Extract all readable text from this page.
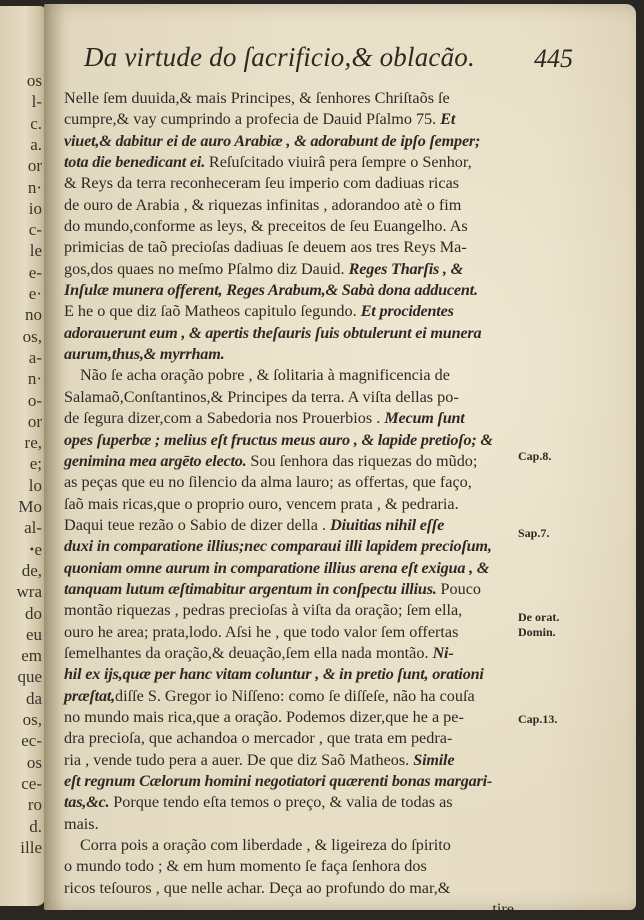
os
l-
c.
a.
or
n·
io
c-
le
e-
e·
no
os,
a-
n·
o-
or
re,
e;
lo
Mo
al-
ꞏe
de,
wra
do
eu
em
que
da
os,
ec-
os
ce-
ro
d.
ille
Da virtude do ſacrificio,& oblacão.	445
Nelle ſem duuida,& mais Principes, & ſenhores Chriſtaõs ſe
cumpre,& vay cumprindo a profecia de Dauid Pſalmo 75. Et
viuet,& dabitur ei de auro Arabiæ , & adorabunt de ipſo ſemper;
tota die benedicant ei. Reſuſcitado viuirâ pera ſempre o Senhor,
& Reys da terra reconheceram ſeu imperio com dadiuas ricas
de ouro de Arabia , & riquezas infinitas , adorandoo atè o fim
do mundo,conforme as leys, & preceitos de ſeu Euangelho. As
primicias de taõ precioſas dadiuas ſe deuem aos tres Reys Ma-
gos,dos quaes no meſmo Pſalmo diz Dauid. Reges Tharſis , &
Inſulæ munera offerent, Reges Arabum,& Sabà dona adducent.
E he o que diz ſaõ Matheos capitulo ſegundo. Et procidentes
adorauerunt eum , & apertis theſauris ſuis obtulerunt ei munera
aurum,thus,& myrrham.
Não ſe acha oração pobre , & ſolitaria à magnificencia de
Salamaõ,Conſtantinos,& Principes da terra. A viſta dellas po-
de ſegura dizer,com a Sabedoria nos Prouerbios . Mecum ſunt
opes ſuperbæ ; melius eſt fructus meus auro , & lapide pretioſo; &
genimina mea argēto electo. Sou ſenhora das riquezas do mũdo;
as peças que eu no ſilencio da alma lauro; as offertas, que faço,
ſaõ mais ricas,que o proprio ouro, vencem prata , & pedraria.
Daqui teue rezão o Sabio de dizer della . Diuitias nihil eſſe
duxi in comparatione illius;nec comparaui illi lapidem precioſum,
quoniam omne aurum in comparatione illius arena eſt exigua , &
tanquam lutum æſtimabitur argentum in conſpectu illius. Pouco
montão riquezas , pedras precioſas à viſta da oração; ſem ella,
ouro he area; prata,lodo. Aſsi he , que todo valor ſem offertas
ſemelhantes da oração,& deuação,ſem ella nada montão. Ni-
hil ex ijs,quæ per hanc vitam coluntur , & in pretio ſunt, orationi
præſtat,diſſe S. Gregor io Niſſeno: como ſe diſſeſe, não ha couſa
no mundo mais rica,que a oração. Podemos dizer,que he a pe-
dra precioſa, que achandoa o mercador , que trata em pedra-
ria , vende tudo pera a auer. De que diz Saõ Matheos. Simile
eſt regnum Cælorum homini negotiatori quærenti bonas margari-
tas,&c. Porque tendo eſta temos o preço, & valia de todas as
mais.
Corra pois a oração com liberdade , & ligeireza do ſpirito
o mundo todo ; & em hum momento ſe faça ſenhora dos
ricos teſouros , que nelle achar. Deça ao profundo do mar,&
tire
Cap.8.
Sap.7.
De orat.
Domin.
Cap.13.
